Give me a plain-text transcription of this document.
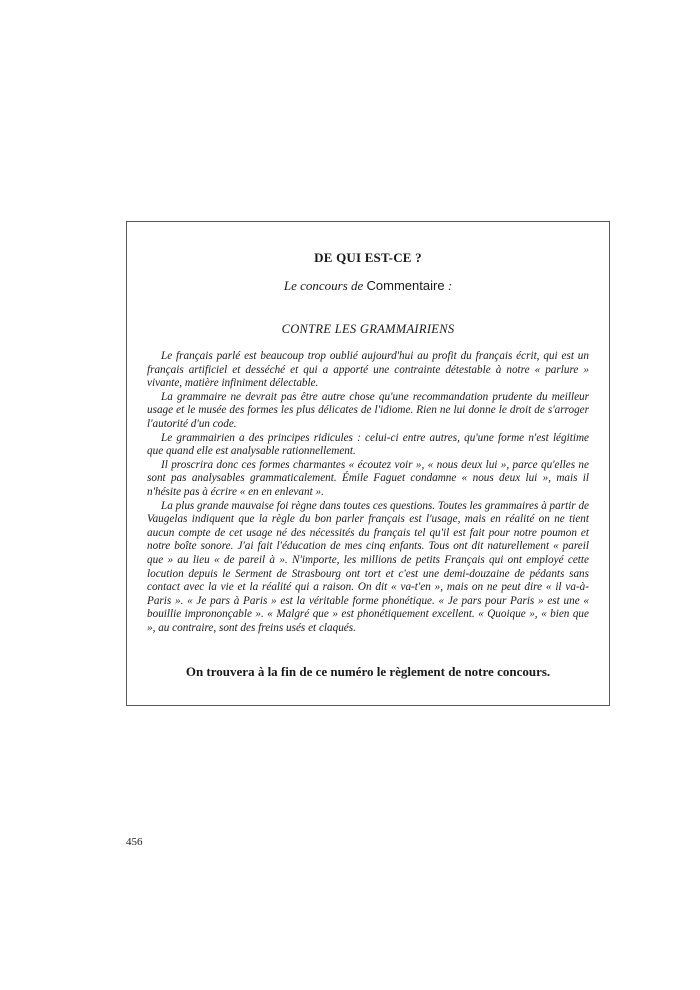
DE QUI EST-CE ?
Le concours de Commentaire :
CONTRE LES GRAMMAIRIENS

Le français parlé est beaucoup trop oublié aujourd'hui au profit du français écrit, qui est un français artificiel et desséché et qui a apporté une contrainte détestable à notre « parlure » vivante, matière infiniment délectable.

La grammaire ne devrait pas être autre chose qu'une recommandation prudente du meilleur usage et le musée des formes les plus délicates de l'idiome. Rien ne lui donne le droit de s'arroger l'autorité d'un code.

Le grammairien a des principes ridicules : celui-ci entre autres, qu'une forme n'est légitime que quand elle est analysable rationnellement.

Il proscrira donc ces formes charmantes « écoutez voir », « nous deux lui », parce qu'elles ne sont pas analysables grammaticalement. Émile Faguet condamne « nous deux lui », mais il n'hésite pas à écrire « en en enlevant ».

La plus grande mauvaise foi règne dans toutes ces questions. Toutes les grammaires à partir de Vaugelas indiquent que la règle du bon parler français est l'usage, mais en réalité on ne tient aucun compte de cet usage né des nécessités du français tel qu'il est fait pour notre poumon et notre boîte sonore. J'ai fait l'éducation de mes cinq enfants. Tous ont dit naturellement « pareil que » au lieu « de pareil à ». N'importe, les millions de petits Français qui ont employé cette locution depuis le Serment de Strasbourg ont tort et c'est une demi-douzaine de pédants sans contact avec la vie et la réalité qui a raison. On dit « va-t'en », mais on ne peut dire « il va-à-Paris ». « Je pars à Paris » est la véritable forme phonétique. « Je pars pour Paris » est une « bouillie imprononçable ». « Malgré que » est phonétiquement excellent. « Quoique », « bien que », au contraire, sont des freins usés et claqués.

On trouvera à la fin de ce numéro le règlement de notre concours.
456
